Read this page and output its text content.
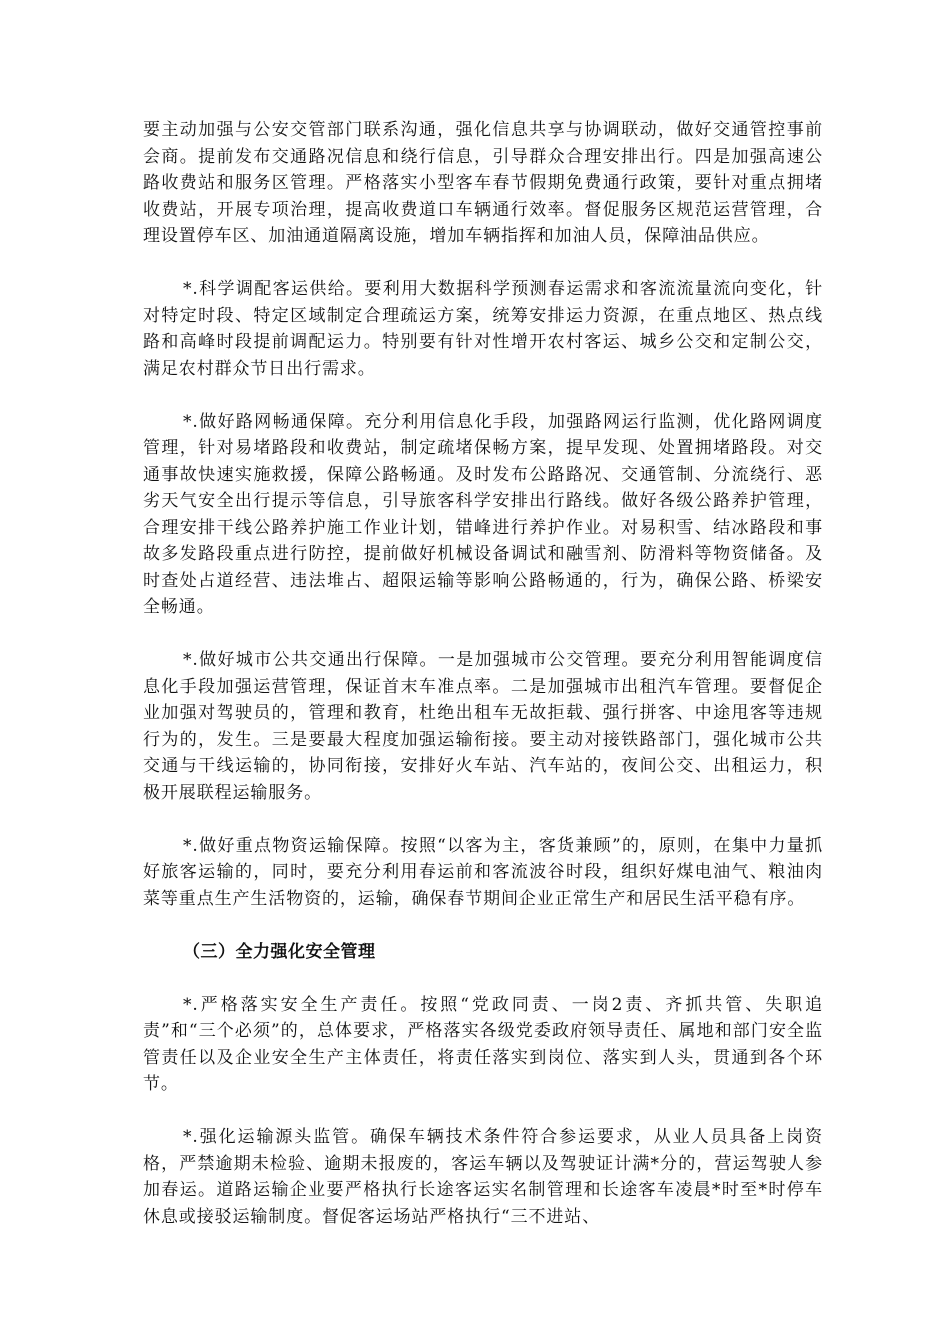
要主动加强与公安交管部门联系沟通，强化信息共享与协调联动，做好交通管控事前会商。提前发布交通路况信息和绕行信息，引导群众合理安排出行。四是加强高速公路收费站和服务区管理。严格落实小型客车春节假期免费通行政策，要针对重点拥堵收费站，开展专项治理，提高收费道口车辆通行效率。督促服务区规范运营管理，合理设置停车区、加油通道隔离设施，增加车辆指挥和加油人员，保障油品供应。

*.科学调配客运供给。要利用大数据科学预测春运需求和客流流量流向变化，针对特定时段、特定区域制定合理疏运方案，统筹安排运力资源，在重点地区、热点线路和高峰时段提前调配运力。特别要有针对性增开农村客运、城乡公交和定制公交，满足农村群众节日出行需求。

*.做好路网畅通保障。充分利用信息化手段，加强路网运行监测，优化路网调度管理，针对易堵路段和收费站，制定疏堵保畅方案，提早发现、处置拥堵路段。对交通事故快速实施救援，保障公路畅通。及时发布公路路况、交通管制、分流绕行、恶劣天气安全出行提示等信息，引导旅客科学安排出行路线。做好各级公路养护管理，合理安排干线公路养护施工作业计划，错峰进行养护作业。对易积雪、结冰路段和事故多发路段重点进行防控，提前做好机械设备调试和融雪剂、防滑料等物资储备。及时查处占道经营、违法堆占、超限运输等影响公路畅通的，行为，确保公路、桥梁安全畅通。

*.做好城市公共交通出行保障。一是加强城市公交管理。要充分利用智能调度信息化手段加强运营管理，保证首末车准点率。二是加强城市出租汽车管理。要督促企业加强对驾驶员的，管理和教育，杜绝出租车无故拒载、强行拼客、中途甩客等违规行为的，发生。三是要最大程度加强运输衔接。要主动对接铁路部门，强化城市公共交通与干线运输的，协同衔接，安排好火车站、汽车站的，夜间公交、出租运力，积极开展联程运输服务。

*.做好重点物资运输保障。按照“以客为主，客货兼顾”的，原则，在集中力量抓好旅客运输的，同时，要充分利用春运前和客流波谷时段，组织好煤电油气、粮油肉菜等重点生产生活物资的，运输，确保春节期间企业正常生产和居民生活平稳有序。

（三）全力强化安全管理

*.严格落实安全生产责任。按照“党政同责、一岗2责、齐抓共管、失职追责”和“三个必须”的，总体要求，严格落实各级党委政府领导责任、属地和部门安全监管责任以及企业安全生产主体责任，将责任落实到岗位、落实到人头，贯通到各个环节。

*.强化运输源头监管。确保车辆技术条件符合参运要求，从业人员具备上岗资格，严禁逾期未检验、逾期未报废的，客运车辆以及驾驶证计满*分的，营运驾驶人参加春运。道路运输企业要严格执行长途客运实名制管理和长途客车凌晨*时至*时停车休息或接驳运输制度。督促客运场站严格执行“三不进站、
